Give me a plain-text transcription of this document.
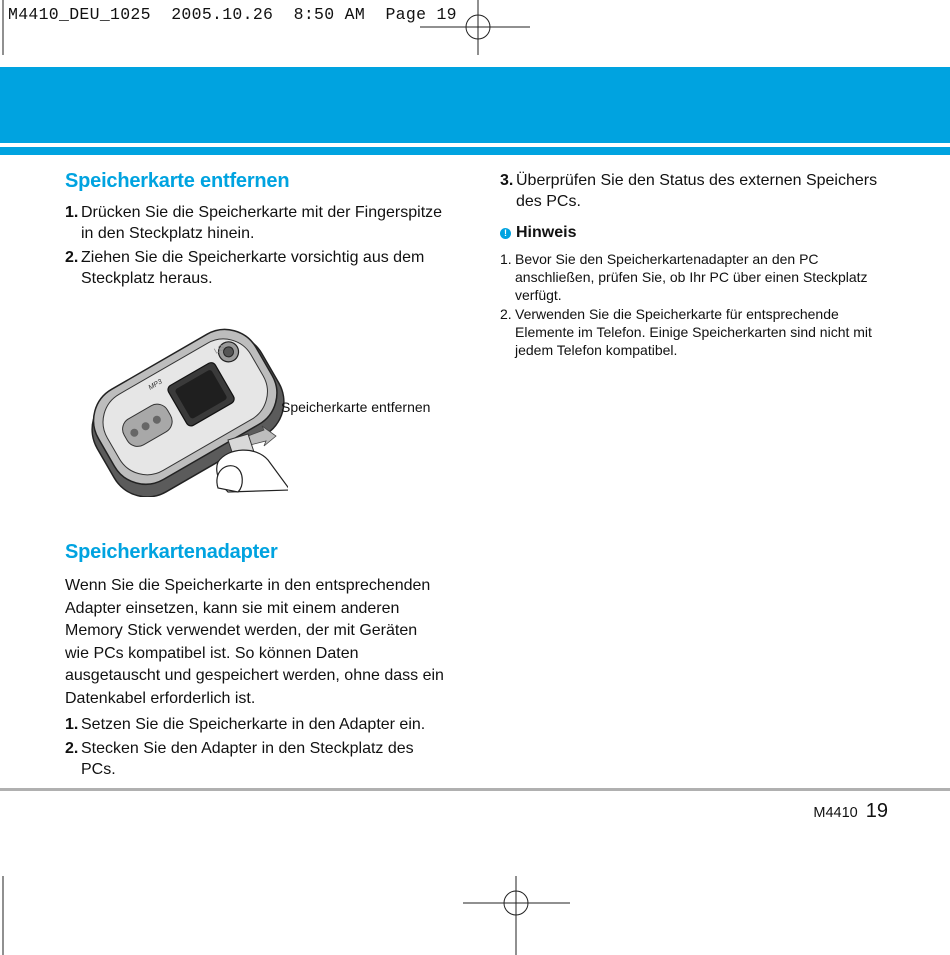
M4410_DEU_1025  2005.10.26  8:50 AM  Page 19
Speicherkarte entfernen
1. Drücken Sie die Speicherkarte mit der Fingerspitze in den Steckplatz hinein.
2. Ziehen Sie die Speicherkarte vorsichtig aus dem Steckplatz heraus.
LG
MP3
Speicherkarte entfernen
3. Überprüfen Sie den Status des externen Speichers des PCs.
! Hinweis
1. Bevor Sie den Speicherkartenadapter an den PC anschließen, prüfen Sie, ob Ihr PC über einen Steckplatz verfügt.
2. Verwenden Sie die Speicherkarte für entsprechende Elemente im Telefon. Einige Speicherkarten sind nicht mit jedem Telefon kompatibel.
Speicherkartenadapter

Wenn Sie die Speicherkarte in den entsprechenden Adapter einsetzen, kann sie mit einem anderen Memory Stick verwendet werden, der mit Geräten wie PCs kompatibel ist. So können Daten ausgetauscht und gespeichert werden, ohne dass ein Datenkabel erforderlich ist.

1. Setzen Sie die Speicherkarte in den Adapter ein.
2. Stecken Sie den Adapter in den Steckplatz des PCs.
M4410 19
